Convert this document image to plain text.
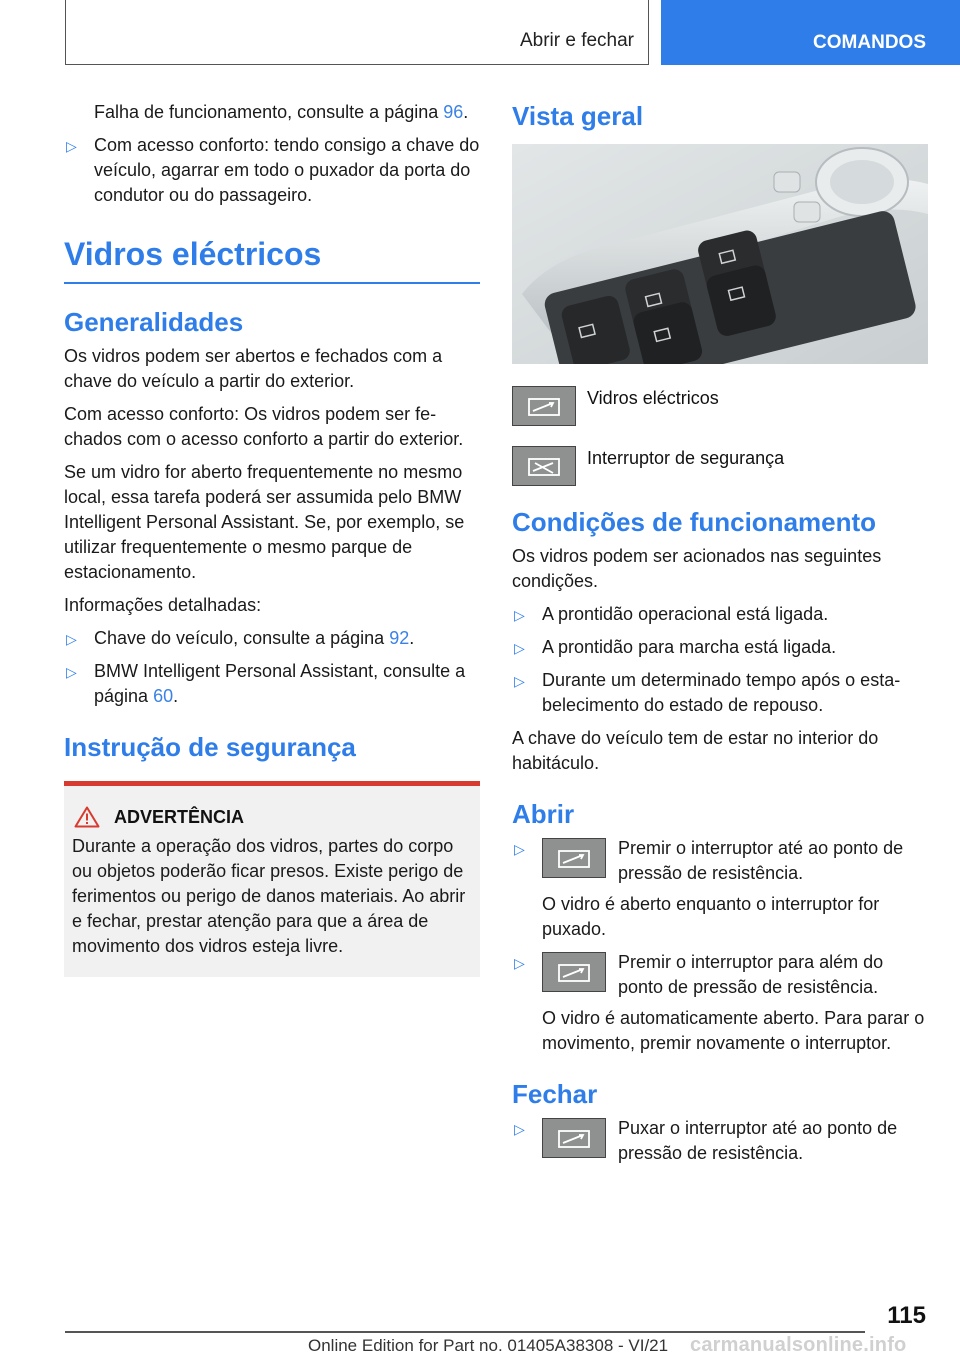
Abrir e fechar	COMANDOS

Falha de funcionamento, consulte a página 96.

▷ Com acesso conforto: tendo consigo a chave do veículo, agarrar em todo o puxador da porta do condutor ou do passageiro.
Vidros eléctricos
Generalidades

Os vidros podem ser abertos e fechados com a chave do veículo a partir do exterior.

Com acesso conforto: Os vidros podem ser fechados com o acesso conforto a partir do exterior.

Se um vidro for aberto frequentemente no mesmo local, essa tarefa poderá ser assumida pelo BMW Intelligent Personal Assistant. Se, por exemplo, se utilizar frequentemente o mesmo parque de estacionamento.

Informações detalhadas:

▷ Chave do veículo, consulte a página 92.
▷ BMW Intelligent Personal Assistant, consulte a página 60.
Instrução de segurança
ADVERTÊNCIA

Durante a operação dos vidros, partes do corpo ou objetos poderão ficar presos. Existe perigo de ferimentos ou perigo de danos materiais. Ao abrir e fechar, prestar atenção para que a área de movimento dos vidros esteja livre.

Vista geral
Vidros eléctricos
Interruptor de segurança
Condições de funcionamento

Os vidros podem ser acionados nas seguintes condições.

▷ A prontidão operacional está ligada.
▷ A prontidão para marcha está ligada.
▷ Durante um determinado tempo após o estabelecimento do estado de repouso.

A chave do veículo tem de estar no interior do habitáculo.

Abrir
▷	Premir o interruptor até ao ponto de pressão de resistência.

O vidro é aberto enquanto o interruptor for puxado.

▷	Premir o interruptor para além do ponto de pressão de resistência.

O vidro é automaticamente aberto. Para parar o movimento, premir novamente o interruptor.

Fechar
▷	Puxar o interruptor até ao ponto de pressão de resistência.
115
Online Edition for Part no. 01405A38308 - VI/21 carmanualsonline.info
